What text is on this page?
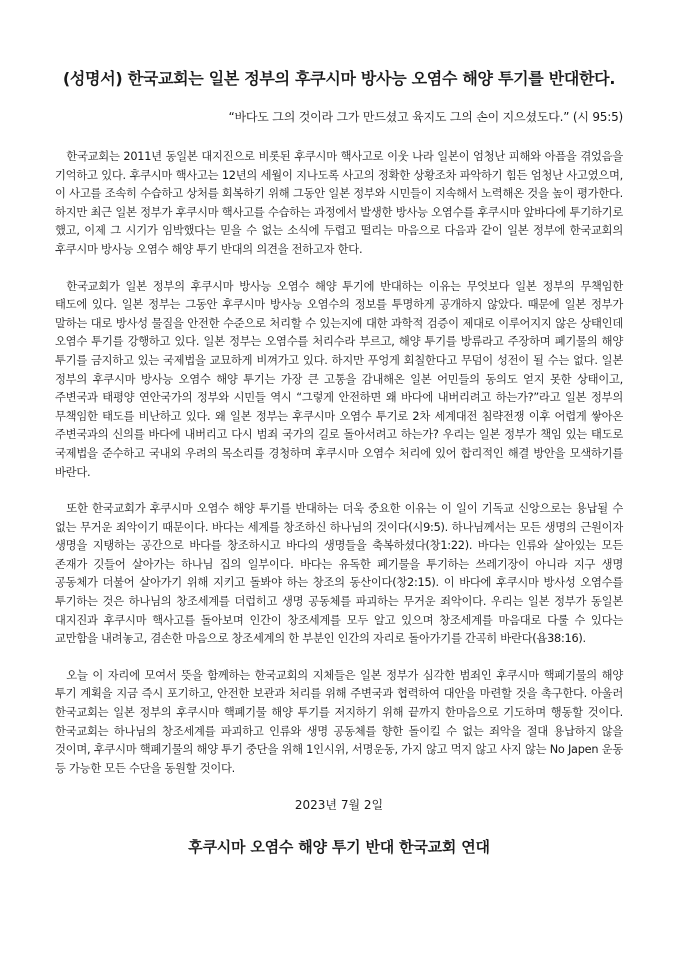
(성명서) 한국교회는 일본 정부의 후쿠시마 방사능 오염수 해양 투기를 반대한다.

“바다도 그의 것이라 그가 만드셨고 육지도 그의 손이 지으셨도다.” (시 95:5)

한국교회는 2011년 동일본 대지진으로 비롯된 후쿠시마 핵사고로 이웃 나라 일본이 엄청난 피해와 아픔을 겪었음을 기억하고 있다. 후쿠시마 핵사고는 12년의 세월이 지나도록 사고의 정확한 상황조차 파악하기 힘든 엄청난 사고였으며, 이 사고를 조속히 수습하고 상처를 회복하기 위해 그동안 일본 정부와 시민들이 지속해서 노력해온 것을 높이 평가한다. 하지만 최근 일본 정부가 후쿠시마 핵사고를 수습하는 과정에서 발생한 방사능 오염수를 후쿠시마 앞바다에 투기하기로 했고, 이제 그 시기가 임박했다는 믿을 수 없는 소식에 두렵고 떨리는 마음으로 다음과 같이 일본 정부에 한국교회의 후쿠시마 방사능 오염수 해양 투기 반대의 의견을 전하고자 한다.

한국교회가 일본 정부의 후쿠시마 방사능 오염수 해양 투기에 반대하는 이유는 무엇보다 일본 정부의 무책임한 태도에 있다. 일본 정부는 그동안 후쿠시마 방사능 오염수의 정보를 투명하게 공개하지 않았다. 때문에 일본 정부가 말하는 대로 방사성 물질을 안전한 수준으로 처리할 수 있는지에 대한 과학적 검증이 제대로 이루어지지 않은 상태인데 오염수 투기를 강행하고 있다. 일본 정부는 오염수를 처리수라 부르고, 해양 투기를 방류라고 주장하며 폐기물의 해양 투기를 금지하고 있는 국제법을 교묘하게 비껴가고 있다. 하지만 푸엉게 회칠한다고 무덤이 성전이 될 수는 없다. 일본 정부의 후쿠시마 방사능 오염수 해양 투기는 가장 큰 고통을 감내해온 일본 어민들의 동의도 얻지 못한 상태이고, 주변국과 태평양 연안국가의 정부와 시민들 역시 “그렇게 안전하면 왜 바다에 내버리려고 하는가?”라고 일본 정부의 무책임한 태도를 비난하고 있다. 왜 일본 정부는 후쿠시마 오염수 투기로 2차 세계대전 침략전쟁 이후 어렵게 쌓아온 주변국과의 신의를 바다에 내버리고 다시 범죄 국가의 길로 돌아서려고 하는가? 우리는 일본 정부가 책임 있는 태도로 국제법을 준수하고 국내외 우려의 목소리를 경청하며 후쿠시마 오염수 처리에 있어 합리적인 해결 방안을 모색하기를 바란다.

또한 한국교회가 후쿠시마 오염수 해양 투기를 반대하는 더욱 중요한 이유는 이 일이 기독교 신앙으로는 용납될 수 없는 무거운 죄악이기 때문이다. 바다는 세계를 창조하신 하나님의 것이다(시9:5). 하나님께서는 모든 생명의 근원이자 생명을 지탱하는 공간으로 바다를 창조하시고 바다의 생명들을 축복하셨다(창1:22). 바다는 인류와 살아있는 모든 존재가 깃들어 살아가는 하나님 집의 일부이다. 바다는 유독한 폐기물을 투기하는 쓰레기장이 아니라 지구 생명 공동체가 더불어 살아가기 위해 지키고 돌봐야 하는 창조의 동산이다(창2:15). 이 바다에 후쿠시마 방사성 오염수를 투기하는 것은 하나님의 창조세계를 더럽히고 생명 공동체를 파괴하는 무거운 죄악이다. 우리는 일본 정부가 동일본 대지진과 후쿠시마 핵사고를 돌아보며 인간이 창조세계를 모두 알고 있으며 창조세계를 마음대로 다룰 수 있다는 교만함을 내려놓고, 겸손한 마음으로 창조세계의 한 부분인 인간의 자리로 돌아가기를 간곡히 바란다(욥38:16).

오늘 이 자리에 모여서 뜻을 함께하는 한국교회의 지체들은 일본 정부가 심각한 범죄인 후쿠시마 핵폐기물의 해양 투기 계획을 지금 즉시 포기하고, 안전한 보관과 처리를 위해 주변국과 협력하여 대안을 마련할 것을 촉구한다. 아울러 한국교회는 일본 정부의 후쿠시마 핵폐기물 해양 투기를 저지하기 위해 끝까지 한마음으로 기도하며 행동할 것이다. 한국교회는 하나님의 창조세계를 파괴하고 인류와 생명 공동체를 향한 돌이킬 수 없는 죄악을 절대 용납하지 않을 것이며, 후쿠시마 핵폐기물의 해양 투기 중단을 위해 1인시위, 서명운동, 가지 않고 먹지 않고 사지 않는 No Japen 운동 등 가능한 모든 수단을 동원할 것이다.

2023년 7월 2일

후쿠시마 오염수 해양 투기 반대 한국교회 연대
